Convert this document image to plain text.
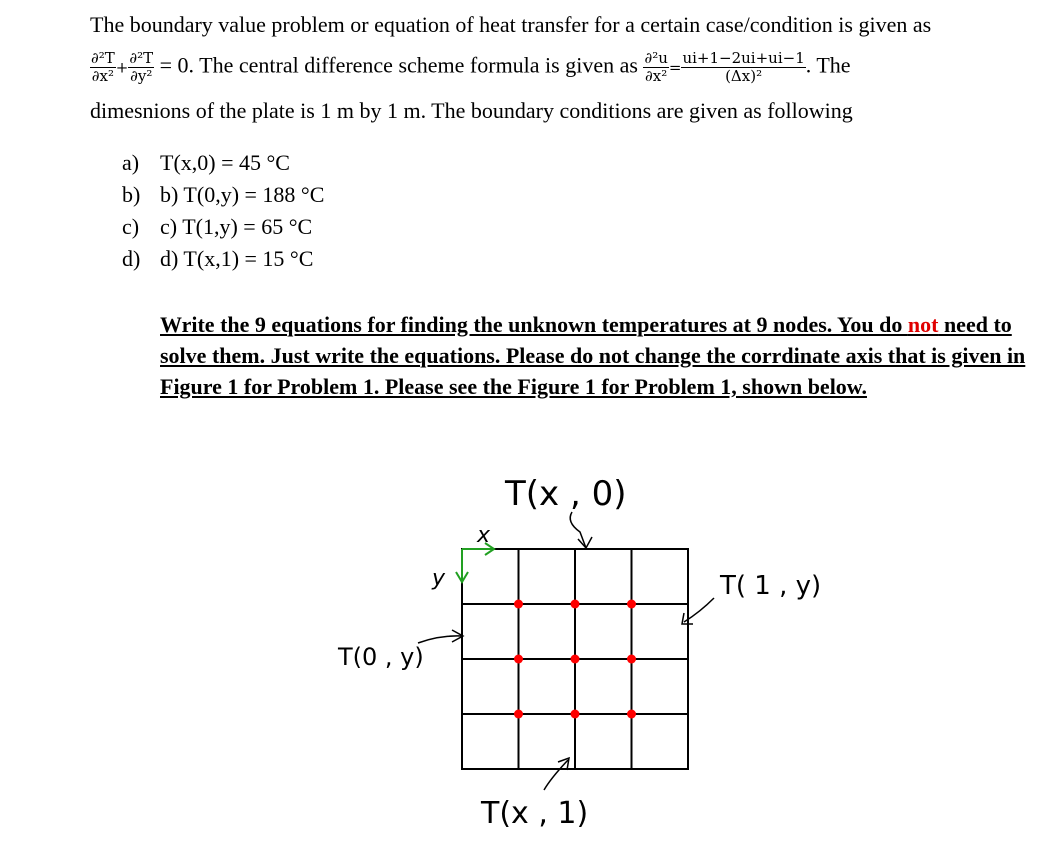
The boundary value problem or equation of heat transfer for a certain case/condition is given as
$\frac{\text{∂²T}}{\text{∂x²}} + \frac{\text{∂²T}}{\text{∂y²}} = 0$. The central difference scheme formula is given as $\frac{\text{∂²u}}{\text{∂x²}} = \frac{ui+1-2ui+ui-1}{\text{(Δx)²}}$ . The
dimesnions of the plate is 1 m by 1 m. The boundary conditions are given as following
a) T(x,0) = 45 °C
b) b) T(0,y) = 188 °C
c) c) T(1,y) = 65 °C
d) d) T(x,1) = 15 °C
Write the 9 equations for finding the unknown temperatures at 9 nodes. You do not need to solve them. Just write the equations. Please do not change the corrdinate axis that is given in Figure 1 for Problem 1. Please see the Figure 1 for Problem 1, shown below.
x
y
T(x , 0)
T( 1 , y)
T(0 , y)
T(x , 1)
